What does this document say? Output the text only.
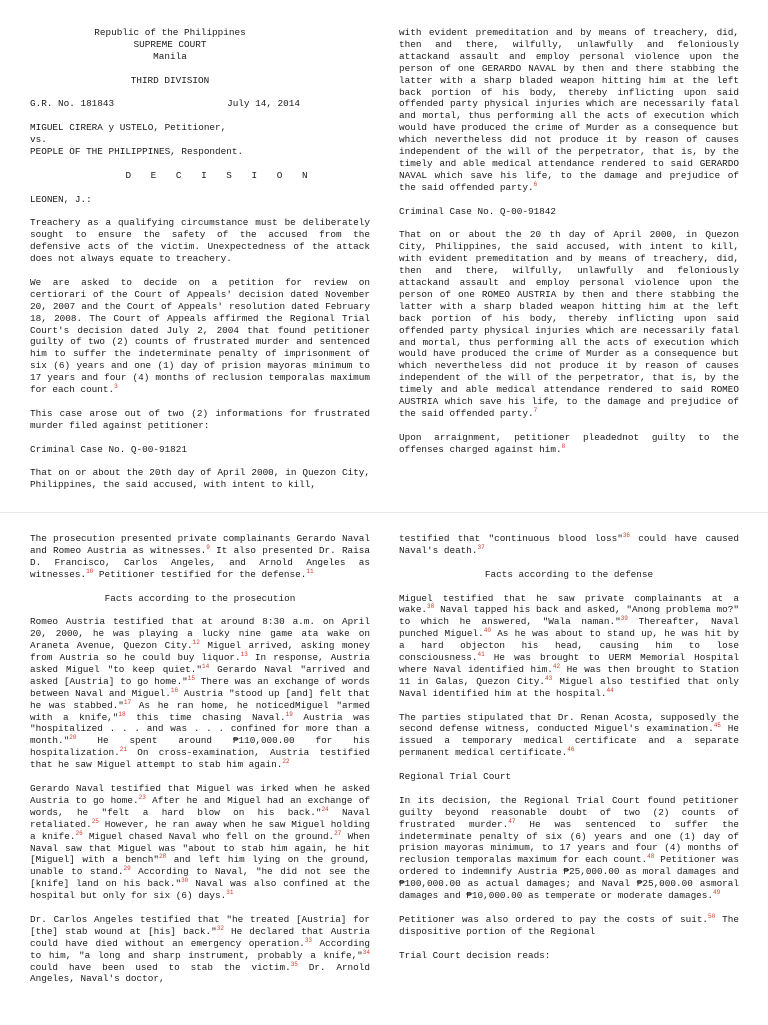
Republic of the Philippines
SUPREME COURT
Manila
THIRD DIVISION
G.R. No. 181843	July 14, 2014
MIGUEL CIRERA y USTELO, Petitioner,
vs.
PEOPLE OF THE PHILIPPINES, Respondent.
D E C I S I O N
LEONEN, J.:

Treachery as a qualifying circumstance must be deliberately sought to ensure the safety of the accused from the defensive acts of the victim. Unexpectedness of the attack does not always equate to treachery.

We are asked to decide on a petition for review on certiorari of the Court of Appeals' decision dated November 20, 2007 and the Court of Appeals' resolution dated February 18, 2008. The Court of Appeals affirmed the Regional Trial Court's decision dated July 2, 2004 that found petitioner guilty of two (2) counts of frustrated murder and sentenced him to suffer the indeterminate penalty of imprisonment of six (6) years and one (1) day of prision mayoras minimum to 17 years and four (4) months of reclusion temporalas maximum for each count.$^3$

This case arose out of two (2) informations for frustrated murder filed against petitioner:

Criminal Case No. Q-00-91821

That on or about the 20th day of April 2000, in Quezon City, Philippines, the said accused, with intent to kill,

with evident premeditation and by means of treachery, did, then and there, wilfully, unlawfully and feloniously attackand assault and employ personal violence upon the person of one GERARDO NAVAL by then and there stabbing the latter with a sharp bladed weapon hitting him at the left back portion of his body, thereby inflicting upon said offended party physical injuries which are necessarily fatal and mortal, thus performing all the acts of execution which would have produced the crime of Murder as a consequence but which nevertheless did not produce it by reason of causes independent of the will of the perpetrator, that is, by the timely and able medical attendance rendered to said GERARDO NAVAL which save his life, to the damage and prejudice of the said offended party.$^6$

Criminal Case No. Q-00-91842

That on or about the 20 th day of April 2000, in Quezon City, Philippines, the said accused, with intent to kill, with evident premeditation and by means of treachery, did, then and there, wilfully, unlawfully and feloniously attackand assault and employ personal violence upon the person of one ROMEO AUSTRIA by then and there stabbing the latter with a sharp bladed weapon hitting him at the left back portion of his body, thereby inflicting upon said offended party physical injuries which are necessarily fatal and mortal, thus performing all the acts of execution which would have produced the crime of Murder as a consequence but which nevertheless did not produce it by reason of causes independent of the will of the perpetrator, that is, by the timely and able medical attendance rendered to said ROMEO AUSTRIA which save his life, to the damage and prejudice of the said offended party.$^7$

Upon arraignment, petitioner pleadednot guilty to the offenses charged against him.$^8$

The prosecution presented private complainants Gerardo Naval and Romeo Austria as witnesses.$^9$ It also presented Dr. Raisa D. Francisco, Carlos Angeles, and Arnold Angeles as witnesses.$^{10}$ Petitioner testified for the defense.$^{11}$

Facts according to the prosecution

Romeo Austria testified that at around 8:30 a.m. on April 20, 2000, he was playing a lucky nine game ata wake on Araneta Avenue, Quezon City.$^{12}$ Miguel arrived, asking money from Austria so he could buy liquor.$^{13}$ In response, Austria asked Miguel "to keep quiet."$^{14}$ Gerardo Naval "arrived and asked [Austria] to go home."$^{15}$ There was an exchange of words between Naval and Miguel.$^{16}$ Austria "stood up [and] felt that he was stabbed."$^{17}$ As he ran home, he noticedMiguel "armed with a knife,"$^{18}$ this time chasing Naval.$^{19}$ Austria was "hospitalized . . . and was . . . confined for more than a month."$^{20}$ He spent around ₱110,000.00 for his hospitalization.$^{21}$ On cross-examination, Austria testified that he saw Miguel attempt to stab him again.$^{22}$

Gerardo Naval testified that Miguel was irked when he asked Austria to go home.$^{23}$ After he and Miguel had an exchange of words, he "felt a hard blow on his back."$^{24}$ Naval retaliated.$^{25}$ However, he ran away when he saw Miguel holding a knife.$^{26}$ Miguel chased Naval who fell on the ground.$^{27}$ When Naval saw that Miguel was "about to stab him again, he hit [Miguel] with a bench"$^{28}$ and left him lying on the ground, unable to stand.$^{29}$ According to Naval, "he did not see the [knife] land on his back."$^{30}$ Naval was also confined at the hospital but only for six (6) days.$^{31}$

Dr. Carlos Angeles testified that "he treated [Austria] for [the] stab wound at [his] back."$^{32}$ He declared that Austria could have died without an emergency operation.$^{33}$ According to him, "a long and sharp instrument, probably a knife,"$^{34}$ could have been used to stab the victim.$^{35}$ Dr. Arnold Angeles, Naval's doctor,

testified that "continuous blood loss"$^{36}$ could have caused Naval's death.$^{37}$

Facts according to the defense

Miguel testified that he saw private complainants at a wake.$^{38}$ Naval tapped his back and asked, "Anong problema mo?" to which he answered, "Wala naman."$^{39}$ Thereafter, Naval punched Miguel.$^{40}$ As he was about to stand up, he was hit by a hard objecton his head, causing him to lose consciousness.$^{41}$ He was brought to UERM Memorial Hospital where Naval identified him.$^{42}$ He was then brought to Station 11 in Galas, Quezon City.$^{43}$ Miguel also testified that only Naval identified him at the hospital.$^{44}$

The parties stipulated that Dr. Renan Acosta, supposedly the second defense witness, conducted Miguel's examination.$^{45}$ He issued a temporary medical certificate and a separate permanent medical certificate.$^{46}$

Regional Trial Court

In its decision, the Regional Trial Court found petitioner guilty beyond reasonable doubt of two (2) counts of frustrated murder.$^{47}$ He was sentenced to suffer the indeterminate penalty of six (6) years and one (1) day of prision mayoras minimum, to 17 years and four (4) months of reclusion temporalas maximum for each count.$^{48}$ Petitioner was ordered to indemnify Austria ₱25,000.00 as moral damages and ₱100,000.00 as actual damages; and Naval ₱25,000.00 asmoral damages and ₱10,000.00 as temperate or moderate damages.$^{49}$

Petitioner was also ordered to pay the costs of suit.$^{50}$ The dispositive portion of the Regional

Trial Court decision reads:
